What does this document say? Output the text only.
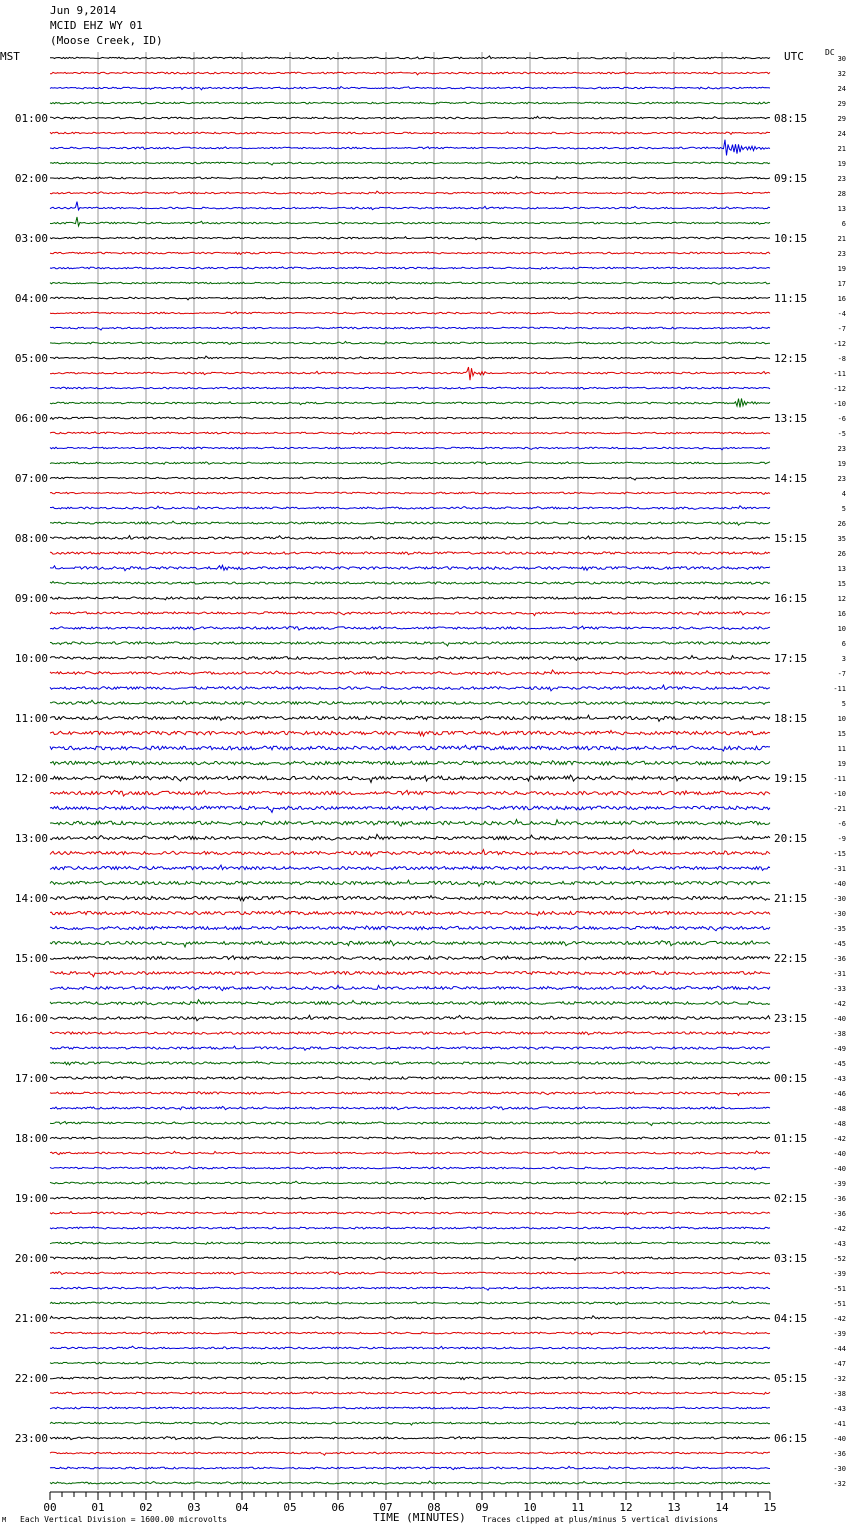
Jun 9,2014
MCID EHZ WY 01
(Moose Creek, ID)
MST	UTC	DC
30
32
24
29
29
24
21
19
23
28
13
6
21
23
19
17
16
-4
-7
-12
-8
-11
-12
-10
-6
-5
23
19
23
4
5
26
35
26
13
15
12
16
10
6
3
-7
-11
5
10
15
11
19
-11
-10
-21
-6
-9
-15
-31
-40
-30
-30
-35
-45
-36
-31
-33
-42
-40
-38
-49
-45
-43
-46
-48
-48
-42
-40
-40
-39
-36
-36
-42
-43
-52
-39
-51
-51
-42
-39
-44
-47
-32
-38
-43
-41
-40
-36
-30
-32
01:00
02:00
03:00
04:00
05:00
06:00
07:00
08:00
09:00
10:00
11:00
12:00
13:00
14:00
15:00
16:00
17:00
18:00
19:00
20:00
21:00
22:00
23:00
08:15
09:15
10:15
11:15
12:15
13:15
14:15
15:15
16:15
17:15
18:15
19:15
20:15
21:15
22:15
23:15
00:15
01:15
02:15
03:15
04:15
05:15
06:15
00	01	02	03	04	05	06	07	08	09	10	11	12	13	14	15
M Each Vertical Division = 1600.00 microvolts	TIME (MINUTES) Traces clipped at plus/minus 5 vertical divisions
